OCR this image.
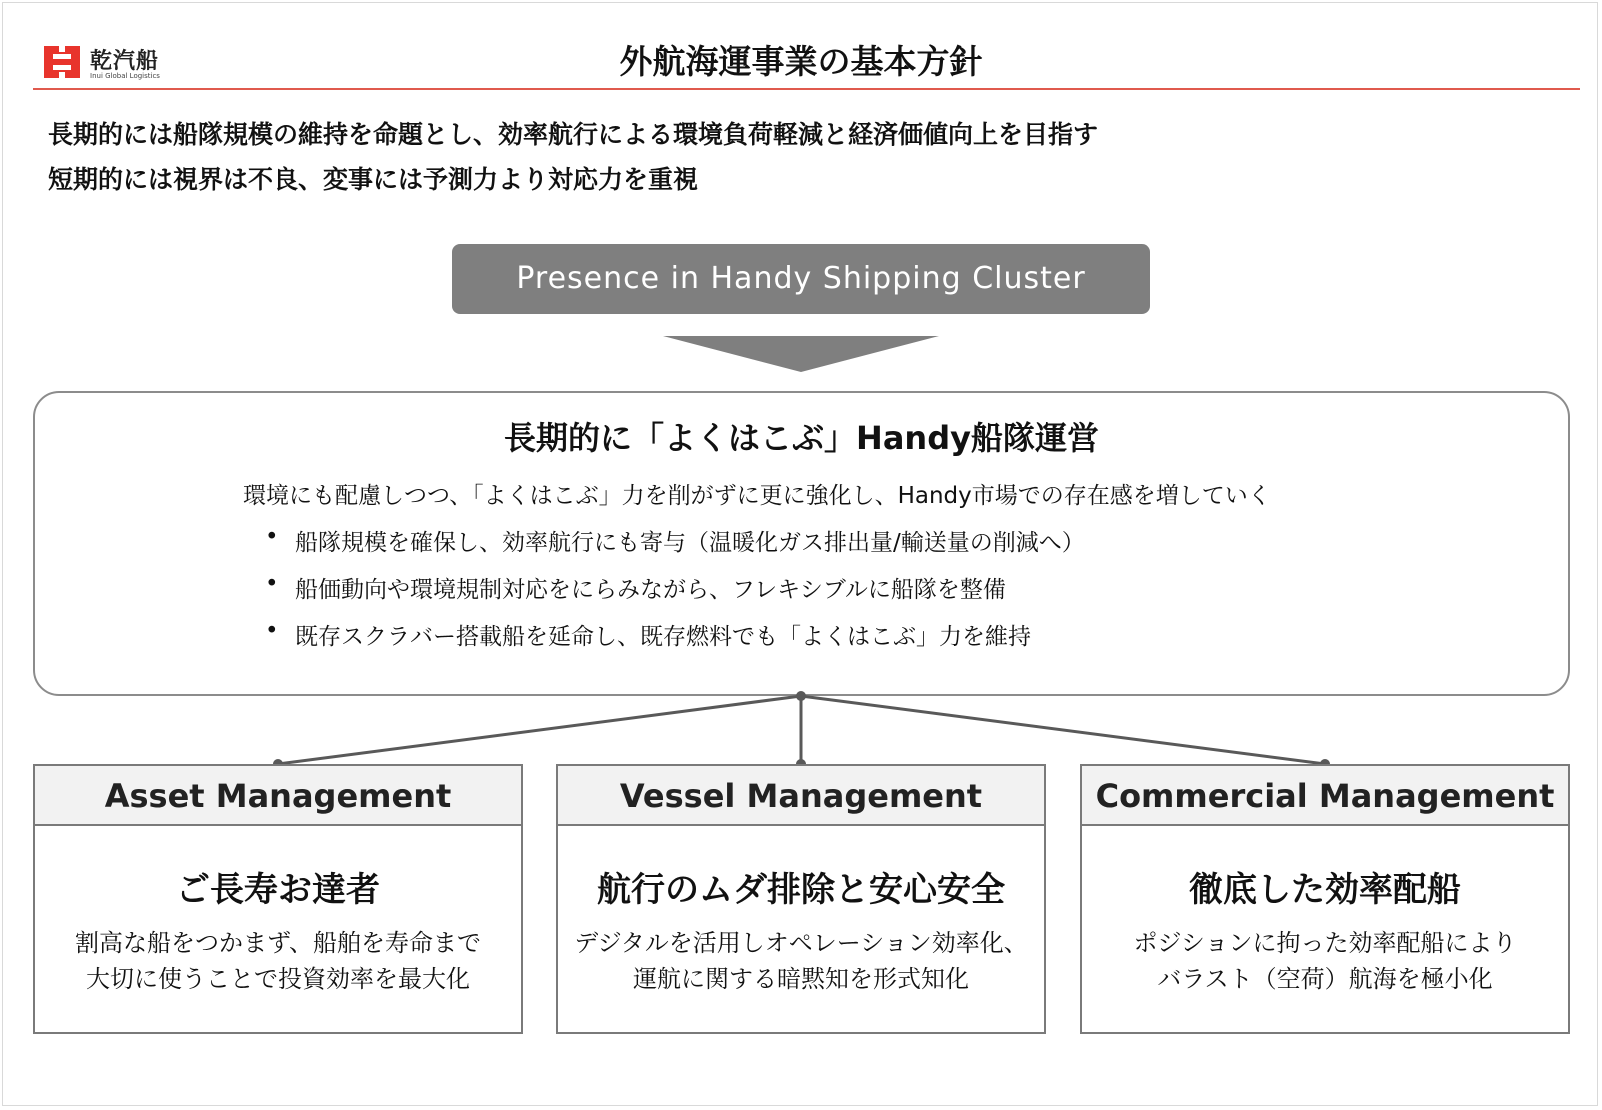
乾汽船
Inui Global Logistics	外航海運事業の基本方針
長期的には船隊規模の維持を命題とし、効率航行による環境負荷軽減と経済価値向上を目指す
短期的には視界は不良、変事には予測力より対応力を重視
Presence in Handy Shipping Cluster
長期的に「よくはこぶ」Handy船隊運営
環境にも配慮しつつ、「よくはこぶ」力を削がずに更に強化し、Handy市場での存在感を増していく
• 船隊規模を確保し、効率航行にも寄与（温暖化ガス排出量/輸送量の削減へ）
• 船価動向や環境規制対応をにらみながら、フレキシブルに船隊を整備
• 既存スクラバー搭載船を延命し、既存燃料でも「よくはこぶ」力を維持
Asset Management
ご長寿お達者
割高な船をつかまず、船舶を寿命まで
大切に使うことで投資効率を最大化
Vessel Management
航行のムダ排除と安心安全
デジタルを活用しオペレーション効率化、
運航に関する暗黙知を形式知化
Commercial Management
徹底した効率配船
ポジションに拘った効率配船により
バラスト（空荷）航海を極小化
